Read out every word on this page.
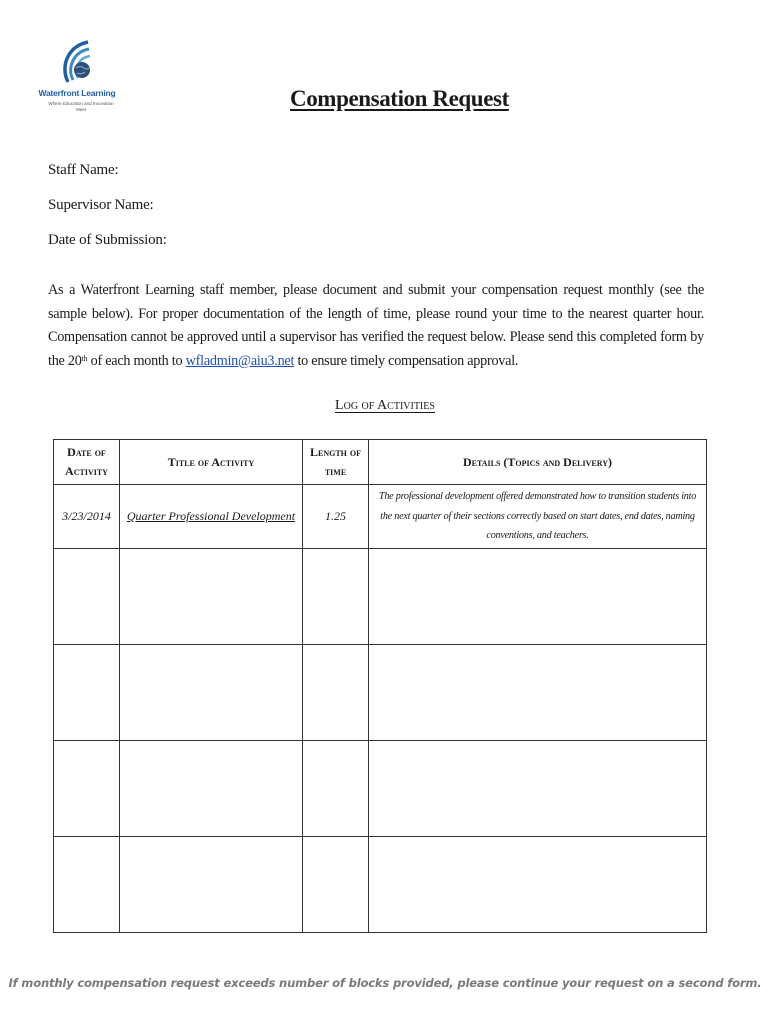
Waterfront Learning
Where Education and Innovation Meet	Compensation Request
Staff Name:
Supervisor Name:
Date of Submission:

As a Waterfront Learning staff member, please document and submit your compensation request monthly (see the sample below). For proper documentation of the length of time, please round your time to the nearest quarter hour. Compensation cannot be approved until a supervisor has verified the request below. Please send this completed form by the 20th of each month to wfladmin@aiu3.net to ensure timely compensation approval.

Log of Activities
Date of Activity	Title of Activity	Length of time	Details (Topics and Delivery)
3/23/2014	Quarter Professional Development	1.25	The professional development offered demonstrated how to transition students into the next quarter of their sections correctly based on start dates, end dates, naming conventions, and teachers.

If monthly compensation request exceeds number of blocks provided, please continue your request on a second form.
